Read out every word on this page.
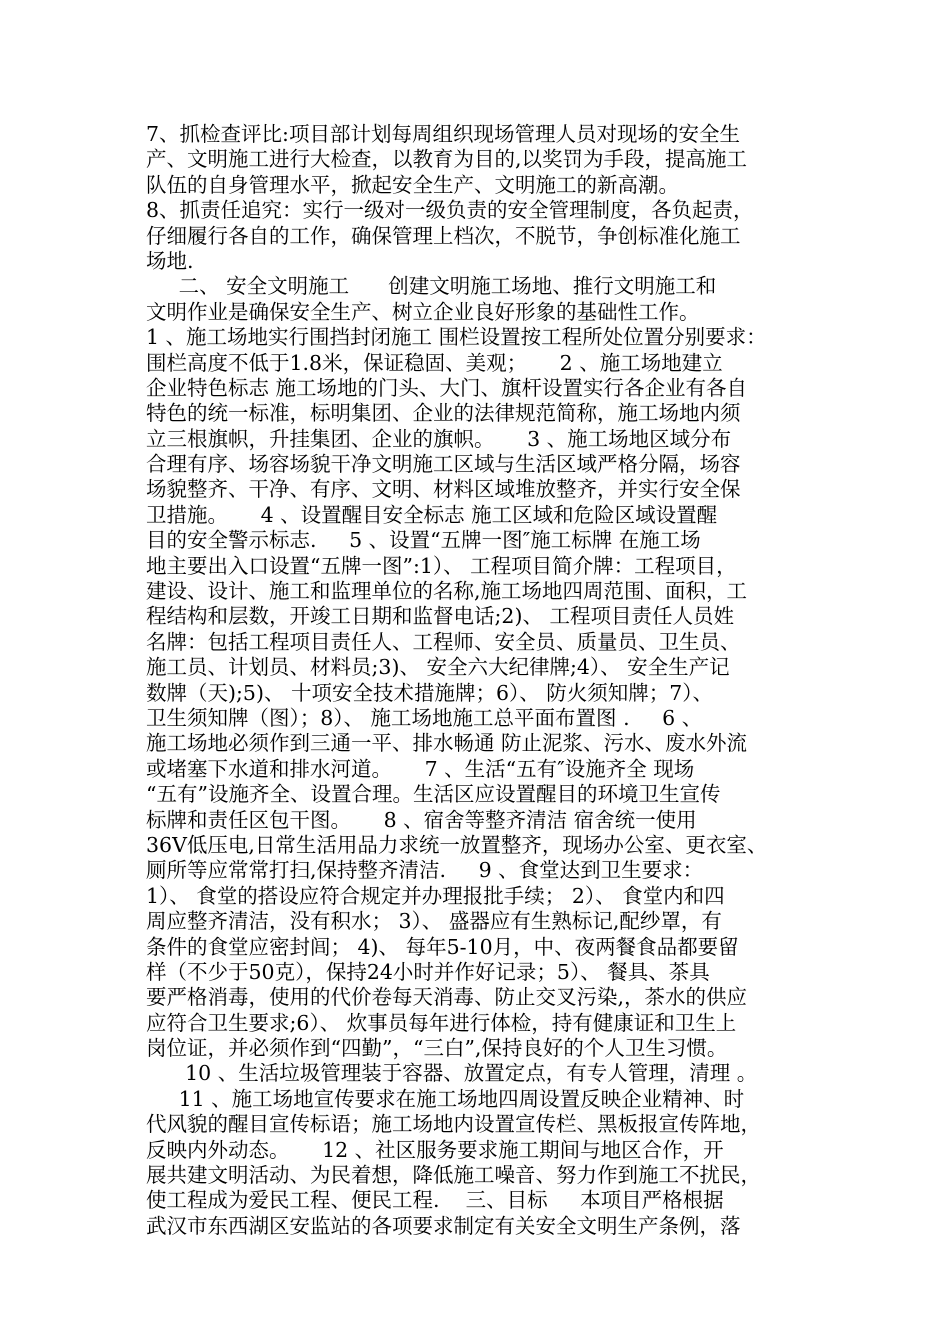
7、抓检查评比:项目部计划每周组织现场管理人员对现场的安全生
产、文明施工进行大检查，以教育为目的,以奖罚为手段，提高施工
队伍的自身管理水平，掀起安全生产、文明施工的新高潮。
8、抓责任追究：实行一级对一级负责的安全管理制度，各负起责，
仔细履行各自的工作，确保管理上档次，不脱节，争创标准化施工
场地.
二、 安全文明施工      创建文明施工场地、推行文明施工和
文明作业是确保安全生产、树立企业良好形象的基础性工作。
1 、施工场地实行围挡封闭施工 围栏设置按工程所处位置分别要求：
围栏高度不低于1.8米，保证稳固、美观；     2 、施工场地建立
企业特色标志 施工场地的门头、大门、旗杆设置实行各企业有各自
特色的统一标准，标明集团、企业的法律规范简称，施工场地内须
立三根旗帜，升挂集团、企业的旗帜。     3 、施工场地区域分布
合理有序、场容场貌干净文明施工区域与生活区域严格分隔，场容
场貌整齐、干净、有序、文明、材料区域堆放整齐，并实行安全保
卫措施。     4 、设置醒目安全标志 施工区域和危险区域设置醒
目的安全警示标志.     5 、设置“五牌一图″施工标牌 在施工场
地主要出入口设置“五牌一图”:1）、 工程项目简介牌：工程项目，
建设、设计、施工和监理单位的名称,施工场地四周范围、面积，工
程结构和层数，开竣工日期和监督电话;2)、 工程项目责任人员姓
名牌：包括工程项目责任人、工程师、安全员、质量员、卫生员、
施工员、计划员、材料员;3)、 安全六大纪律牌;4）、 安全生产记
数牌（天);5)、 十项安全技术措施牌；6）、 防火须知牌；7）、
卫生须知牌（图）；8）、 施工场地施工总平面布置图 .     6 、
施工场地必须作到三通一平、排水畅通 防止泥浆、污水、废水外流
或堵塞下水道和排水河道。     7 、生活“五有″设施齐全 现场
“五有”设施齐全、设置合理。生活区应设置醒目的环境卫生宣传
标牌和责任区包干图。     8 、宿舍等整齐清洁 宿舍统一使用
36V低压电,日常生活用品力求统一放置整齐，现场办公室、更衣室、
厕所等应常常打扫,保持整齐清洁.     9 、食堂达到卫生要求：
1）、 食堂的搭设应符合规定并办理报批手续； 2）、 食堂内和四
周应整齐清洁，没有积水； 3）、 盛器应有生熟标记,配纱罩，有
条件的食堂应密封闾； 4)、 每年5-10月，中、夜两餐食品都要留
样（不少于50克），保持24小时并作好记录；5）、 餐具、茶具
要严格消毒，使用的代价卷每天消毒、防止交叉污染,，茶水的供应
应符合卫生要求;6）、 炊事员每年进行体检，持有健康证和卫生上
岗位证，并必须作到“四勤”，“三白”,保持良好的个人卫生习惯。
10 、生活垃圾管理装于容器、放置定点，有专人管理，清理 。
11 、施工场地宣传要求在施工场地四周设置反映企业精神、时
代风貌的醒目宣传标语；施工场地内设置宣传栏、黑板报宣传阵地，
反映内外动态。     12 、社区服务要求施工期间与地区合作，开
展共建文明活动、为民着想，降低施工噪音、努力作到施工不扰民，
使工程成为爱民工程、便民工程.    三、目标     本项目严格根据
武汉市东西湖区安监站的各项要求制定有关安全文明生产条例，落
